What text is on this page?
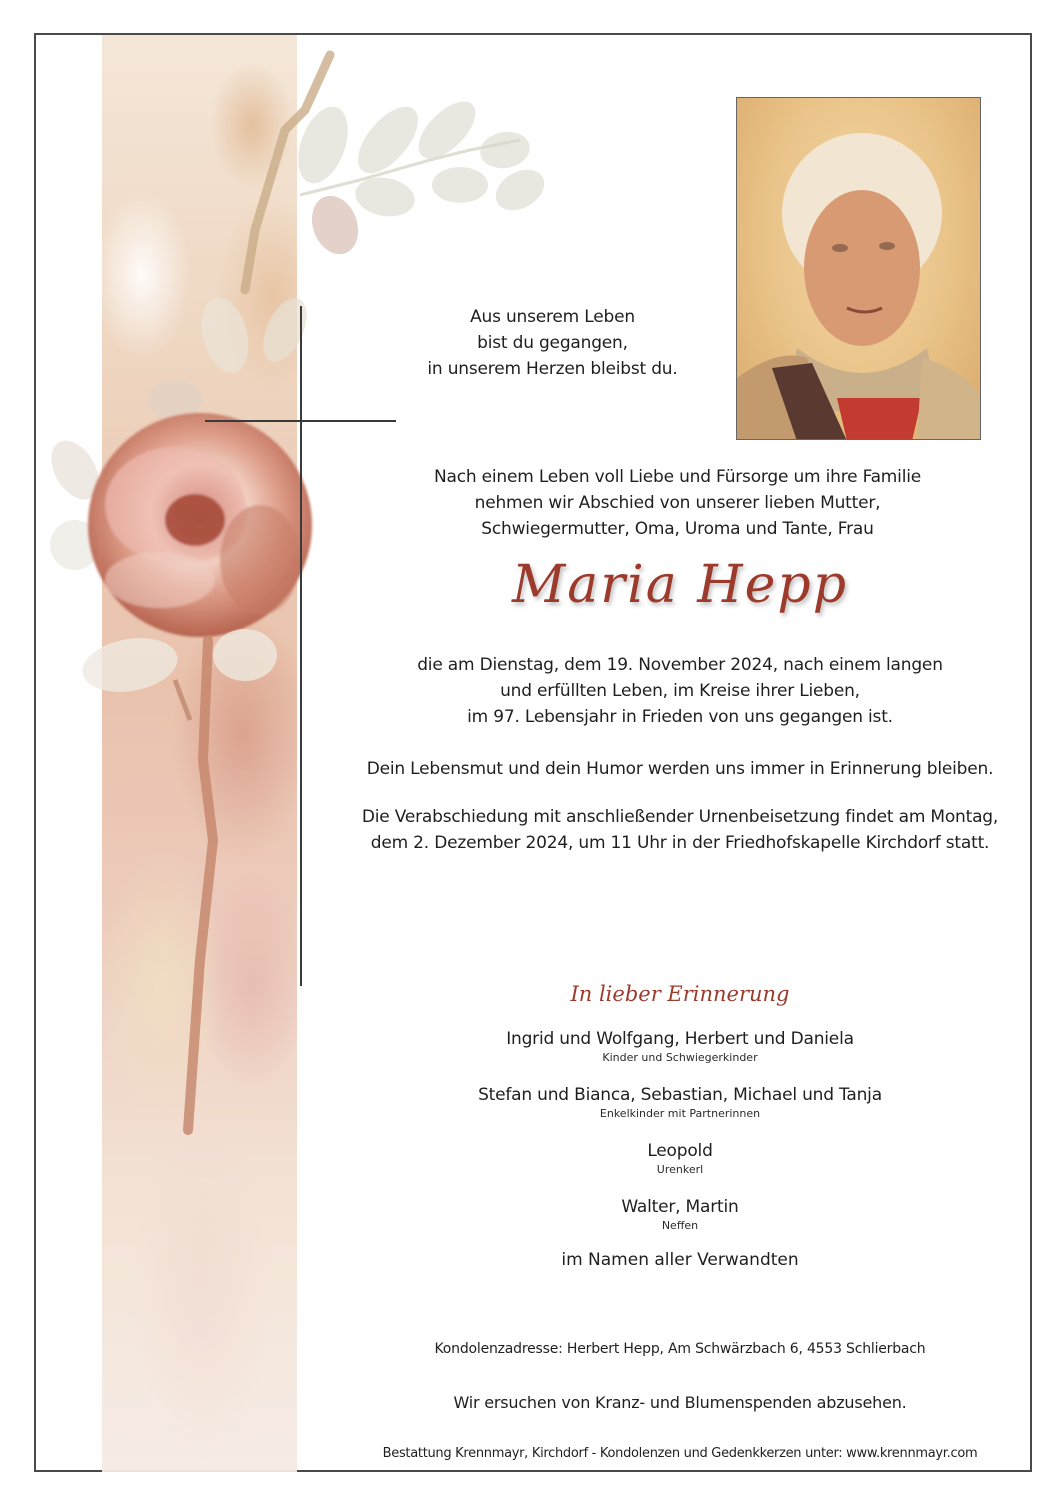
Aus unserem Leben
bist du gegangen,
in unserem Herzen bleibst du.
Nach einem Leben voll Liebe und Fürsorge um ihre Familie
nehmen wir Abschied von unserer lieben Mutter,
Schwiegermutter, Oma, Uroma und Tante, Frau
Maria Hepp
die am Dienstag, dem 19. November 2024, nach einem langen
und erfüllten Leben, im Kreise ihrer Lieben,
im 97. Lebensjahr in Frieden von uns gegangen ist.
Dein Lebensmut und dein Humor werden uns immer in Erinnerung bleiben.
Die Verabschiedung mit anschließender Urnenbeisetzung findet am Montag,
dem 2. Dezember 2024, um 11 Uhr in der Friedhofskapelle Kirchdorf statt.
In lieber Erinnerung
Ingrid und Wolfgang, Herbert und Daniela
Kinder und Schwiegerkinder
Stefan und Bianca, Sebastian, Michael und Tanja
Enkelkinder mit Partnerinnen
Leopold
Urenkerl
Walter, Martin
Neffen
im Namen aller Verwandten
Kondolenzadresse: Herbert Hepp, Am Schwärzbach 6, 4553 Schlierbach
Wir ersuchen von Kranz- und Blumenspenden abzusehen.
Bestattung Krennmayr, Kirchdorf - Kondolenzen und Gedenkkerzen unter: www.krennmayr.com
